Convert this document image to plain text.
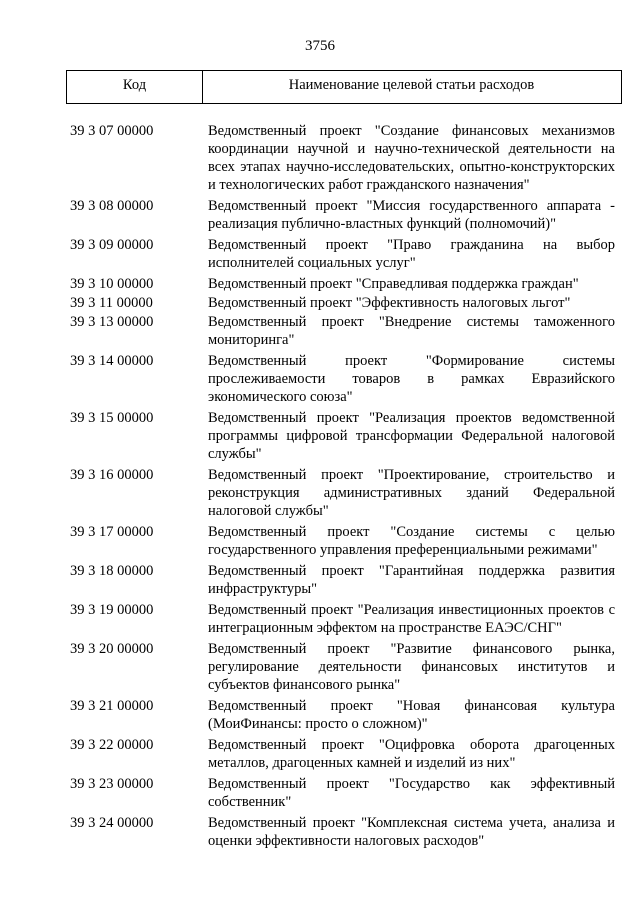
3756
Код	Наименование целевой статьи расходов
39 3 07 00000	Ведомственный проект "Создание финансовых механизмов координации научной и научно-технической деятельности на всех этапах научно-исследовательских, опытно-конструкторских и технологических работ гражданского назначения"
39 3 08 00000	Ведомственный проект "Миссия государственного аппарата - реализация публично-властных функций (полномочий)"
39 3 09 00000	Ведомственный проект "Право гражданина на выбор исполнителей социальных услуг"
39 3 10 00000	Ведомственный проект "Справедливая поддержка граждан"
39 3 11 00000	Ведомственный проект "Эффективность налоговых льгот"
39 3 13 00000	Ведомственный проект "Внедрение системы таможенного мониторинга"
39 3 14 00000	Ведомственный проект "Формирование системы прослеживаемости товаров в рамках Евразийского экономического союза"
39 3 15 00000	Ведомственный проект "Реализация проектов ведомственной программы цифровой трансформации Федеральной налоговой службы"
39 3 16 00000	Ведомственный проект "Проектирование, строительство и реконструкция административных зданий Федеральной налоговой службы"
39 3 17 00000	Ведомственный проект "Создание системы с целью государственного управления преференциальными режимами"
39 3 18 00000	Ведомственный проект "Гарантийная поддержка развития инфраструктуры"
39 3 19 00000	Ведомственный проект "Реализация инвестиционных проектов с интеграционным эффектом на пространстве ЕАЭС/СНГ"
39 3 20 00000	Ведомственный проект "Развитие финансового рынка, регулирование деятельности финансовых институтов и субъектов финансового рынка"
39 3 21 00000	Ведомственный проект "Новая финансовая культура (МоиФинансы: просто о сложном)"
39 3 22 00000	Ведомственный проект "Оцифровка оборота драгоценных металлов, драгоценных камней и изделий из них"
39 3 23 00000	Ведомственный проект "Государство как эффективный собственник"
39 3 24 00000	Ведомственный проект "Комплексная система учета, анализа и оценки эффективности налоговых расходов"
